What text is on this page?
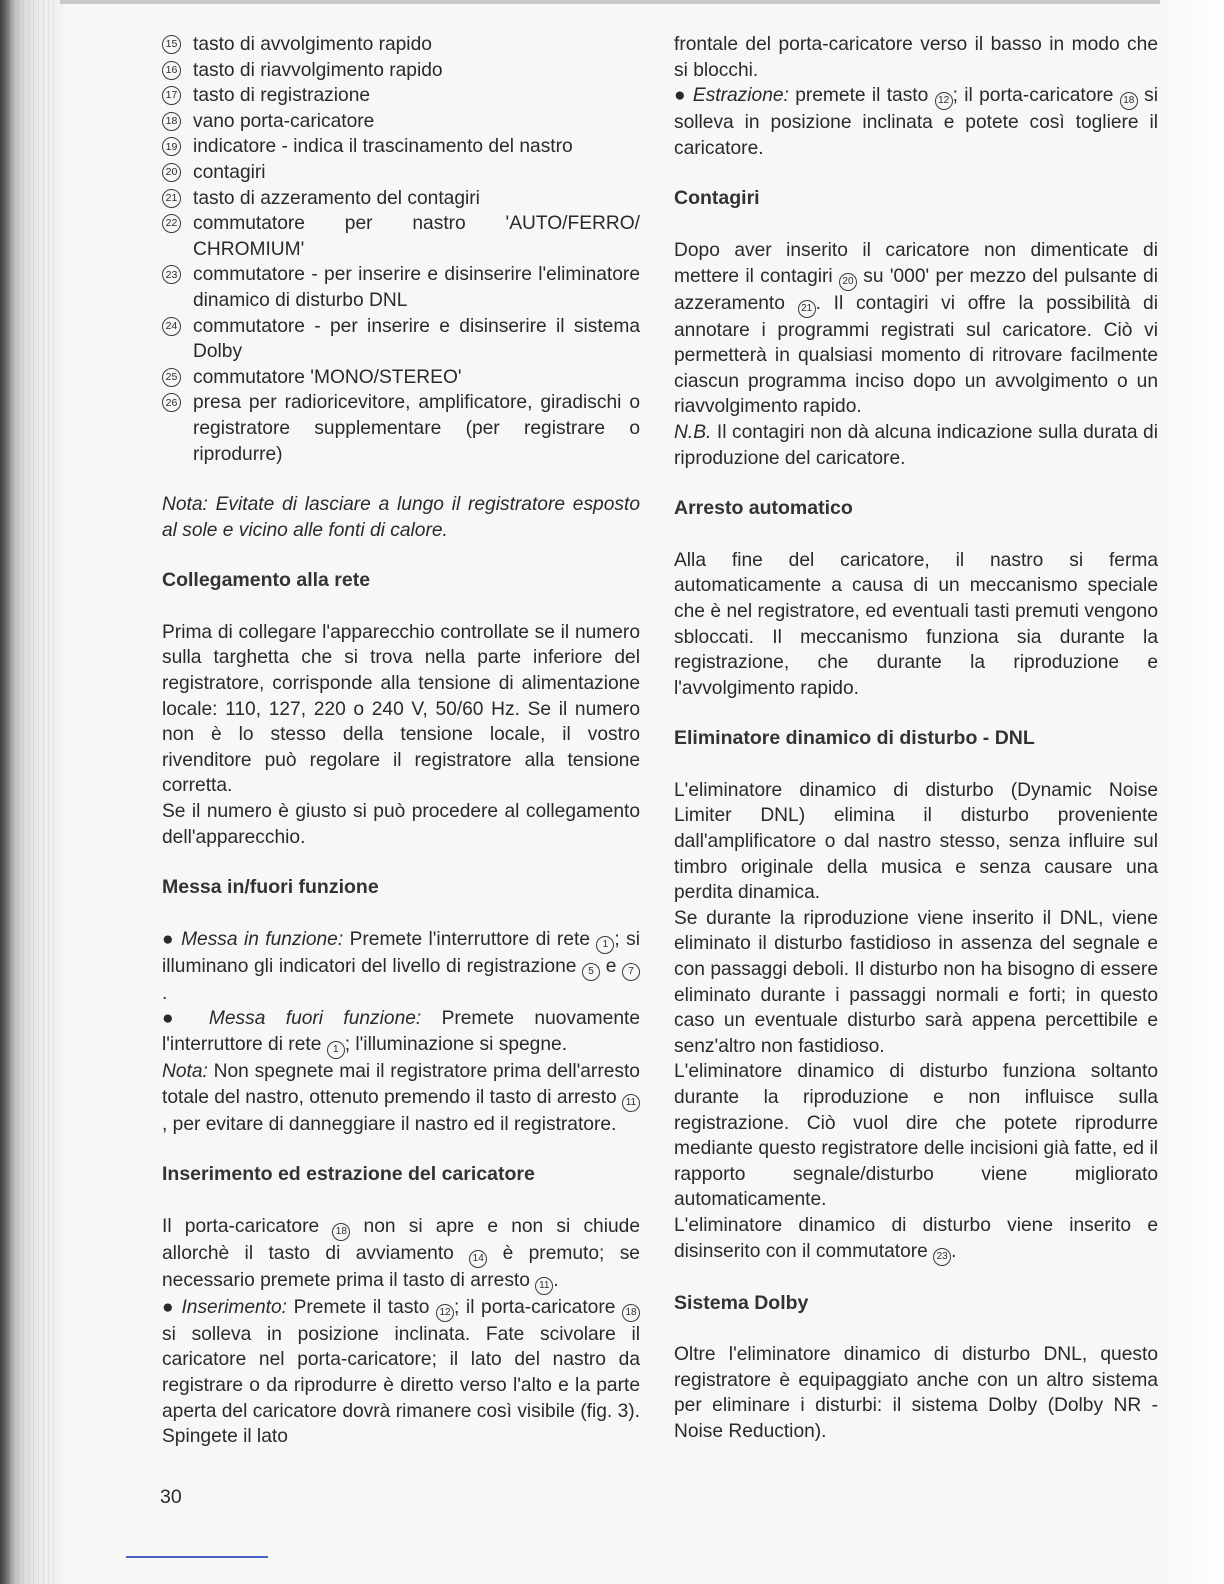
15 tasto di avvolgimento rapido
16 tasto di riavvolgimento rapido
17 tasto di registrazione
18 vano porta-caricatore
19 indicatore - indica il trascinamento del nastro
20 contagiri
21 tasto di azzeramento del contagiri
22 commutatore per nastro 'AUTO/FERRO/ CHROMIUM'
23 commutatore - per inserire e disinserire l'eliminatore dinamico di disturbo DNL
24 commutatore - per inserire e disinserire il sistema Dolby
25 commutatore 'MONO/STEREO'
26 presa per radioricevitore, amplificatore, giradischi o registratore supplementare (per registrare o riprodurre)

Nota: Evitate di lasciare a lungo il registratore esposto al sole e vicino alle fonti di calore.

Collegamento alla rete

Prima di collegare l'apparecchio controllate se il numero sulla targhetta che si trova nella parte inferiore del registratore, corrisponde alla tensione di alimentazione locale: 110, 127, 220 o 240 V, 50/60 Hz. Se il numero non è lo stesso della tensione locale, il vostro rivenditore può regolare il registratore alla tensione corretta.

Se il numero è giusto si può procedere al collegamento dell'apparecchio.

Messa in/fuori funzione

● Messa in funzione: Premete l'interruttore di rete 1 ; si illuminano gli indicatori del livello di registrazione 5 e 7.

● Messa fuori funzione: Premete nuovamente l'interruttore di rete 1 ; l'illuminazione si spegne.

Nota: Non spegnete mai il registratore prima dell'arresto totale del nastro, ottenuto premendo il tasto di arresto 11, per evitare di danneggiare il nastro ed il registratore.

Inserimento ed estrazione del caricatore

Il porta-caricatore 18 non si apre e non si chiude allorchè il tasto di avviamento 14 è premuto; se necessario premete prima il tasto di arresto 11 .

● Inserimento: Premete il tasto 12 ; il porta-caricatore 18 si solleva in posizione inclinata. Fate scivolare il caricatore nel porta-caricatore; il lato del nastro da registrare o da riprodurre è diretto verso l'alto e la parte aperta del caricatore dovrà rimanere così visibile (fig. 3). Spingete il lato

frontale del porta-caricatore verso il basso in modo che si blocchi.

● Estrazione: premete il tasto 12 ; il porta-caricatore 18 si solleva in posizione inclinata e potete così togliere il caricatore.

Contagiri

Dopo aver inserito il caricatore non dimenticate di mettere il contagiri 20 su '000' per mezzo del pulsante di azzeramento 21 . Il contagiri vi offre la possibilità di annotare i programmi registrati sul caricatore. Ciò vi permetterà in qualsiasi momento di ritrovare facilmente ciascun programma inciso dopo un avvolgimento o un riavvolgimento rapido.

N.B. Il contagiri non dà alcuna indicazione sulla durata di riproduzione del caricatore.

Arresto automatico

Alla fine del caricatore, il nastro si ferma automaticamente a causa di un meccanismo speciale che è nel registratore, ed eventuali tasti premuti vengono sbloccati. Il meccanismo funziona sia durante la registrazione, che durante la riproduzione e l'avvolgimento rapido.

Eliminatore dinamico di disturbo - DNL

L'eliminatore dinamico di disturbo (Dynamic Noise Limiter DNL) elimina il disturbo proveniente dall'amplificatore o dal nastro stesso, senza influire sul timbro originale della musica e senza causare una perdita dinamica.

Se durante la riproduzione viene inserito il DNL, viene eliminato il disturbo fastidioso in assenza del segnale e con passaggi deboli. Il disturbo non ha bisogno di essere eliminato durante i passaggi normali e forti; in questo caso un eventuale disturbo sarà appena percettibile e senz'altro non fastidioso.

L'eliminatore dinamico di disturbo funziona soltanto durante la riproduzione e non influisce sulla registrazione. Ciò vuol dire che potete riprodurre mediante questo registratore delle incisioni già fatte, ed il rapporto segnale/disturbo viene migliorato automaticamente.

L'eliminatore dinamico di disturbo viene inserito e disinserito con il commutatore 23 .

Sistema Dolby

Oltre l'eliminatore dinamico di disturbo DNL, questo registratore è equipaggiato anche con un altro sistema per eliminare i disturbi: il sistema Dolby (Dolby NR - Noise Reduction).

30
